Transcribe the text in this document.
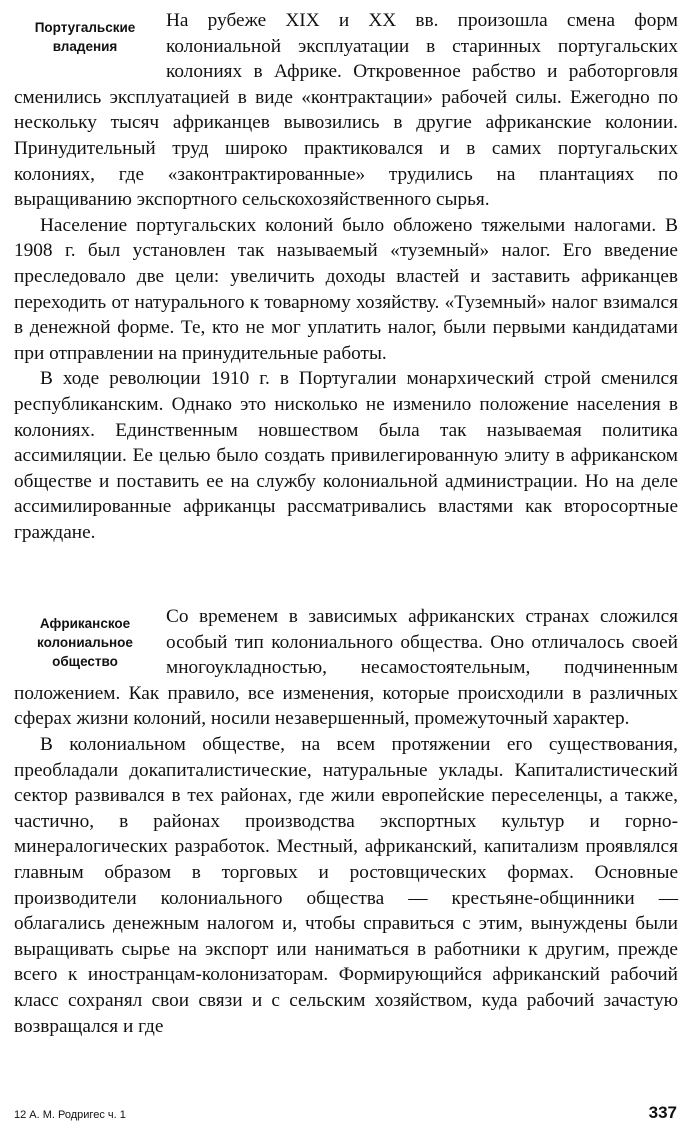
Португальские владения

На рубеже XIX и XX вв. произошла смена форм колониальной эксплуатации в старинных португальских колониях в Африке. Откровенное рабство и работорговля сменились эксплуатацией в виде «контрактации» рабочей силы. Ежегодно по нескольку тысяч африканцев вывозились в другие африканские колонии. Принудительный труд широко практиковался и в самих португальских колониях, где «законтрактированные» трудились на плантациях по выращиванию экспортного сельскохозяйственного сырья.

Население португальских колоний было обложено тяжелыми налогами. В 1908 г. был установлен так называемый «туземный» налог. Его введение преследовало две цели: увеличить доходы властей и заставить африканцев переходить от натурального к товарному хозяйству. «Туземный» налог взимался в денежной форме. Те, кто не мог уплатить налог, были первыми кандидатами при отправлении на принудительные работы.

В ходе революции 1910 г. в Португалии монархический строй сменился республиканским. Однако это нисколько не изменило положение населения в колониях. Единственным новшеством была так называемая политика ассимиляции. Ее целью было создать привилегированную элиту в африканском обществе и поставить ее на службу колониальной администрации. Но на деле ассимилированные африканцы рассматривались властями как второсортные граждане.

Африканское колониальное общество

Со временем в зависимых африканских странах сложился особый тип колониального общества. Оно отличалось своей многоукладностью, несамостоятельным, подчиненным положением. Как правило, все изменения, которые происходили в различных сферах жизни колоний, носили незавершенный, промежуточный характер.

В колониальном обществе, на всем протяжении его существования, преобладали докапиталистические, натуральные уклады. Капиталистический сектор развивался в тех районах, где жили европейские переселенцы, а также, частично, в районах производства экспортных культур и горно-минералогических разработок. Местный, африканский, капитализм проявлялся главным образом в торговых и ростовщических формах. Основные производители колониального общества — крестьяне-общинники — облагались денежным налогом и, чтобы справиться с этим, вынуждены были выращивать сырье на экспорт или наниматься в работники к другим, прежде всего к иностранцам-колонизаторам. Формирующийся африканский рабочий класс сохранял свои связи и с сельским хозяйством, куда рабочий зачастую возвращался и где

12 А. М. Родригес ч. 1	337
